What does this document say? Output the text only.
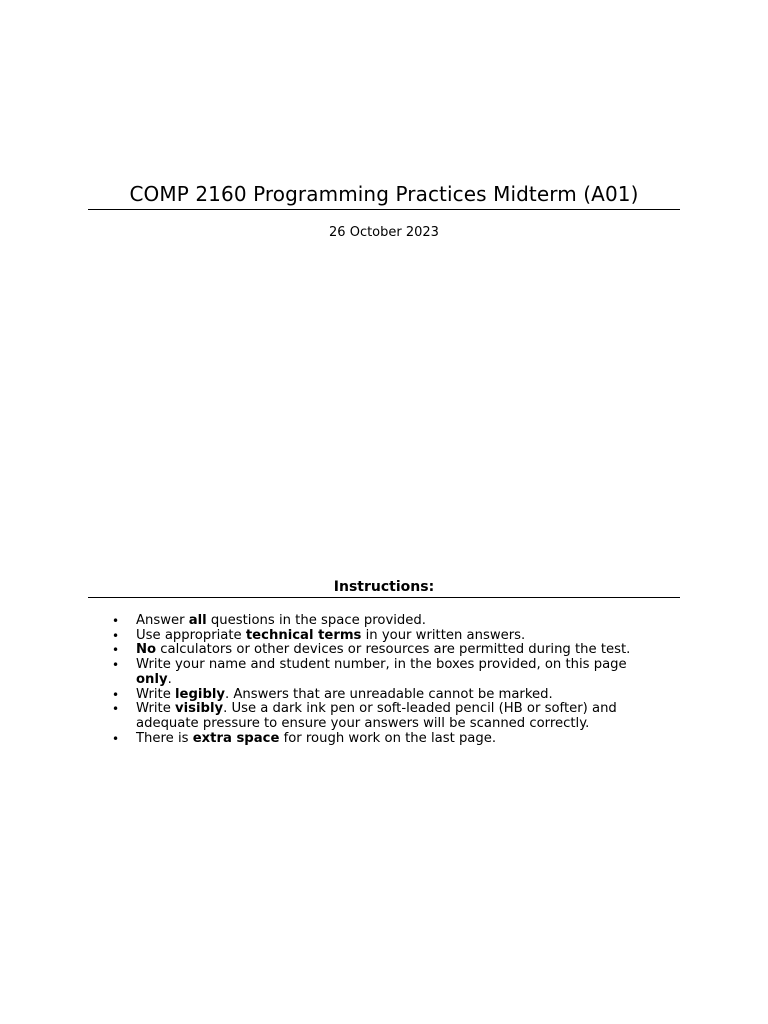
COMP 2160 Programming Practices Midterm (A01)
26 October 2023
Instructions:
• Answer all questions in the space provided.
• Use appropriate technical terms in your written answers.
• No calculators or other devices or resources are permitted during the test.
• Write your name and student number, in the boxes provided, on this page only.
• Write legibly. Answers that are unreadable cannot be marked.
• Write visibly. Use a dark ink pen or soft-leaded pencil (HB or softer) and adequate pressure to ensure your answers will be scanned correctly.
• There is extra space for rough work on the last page.
